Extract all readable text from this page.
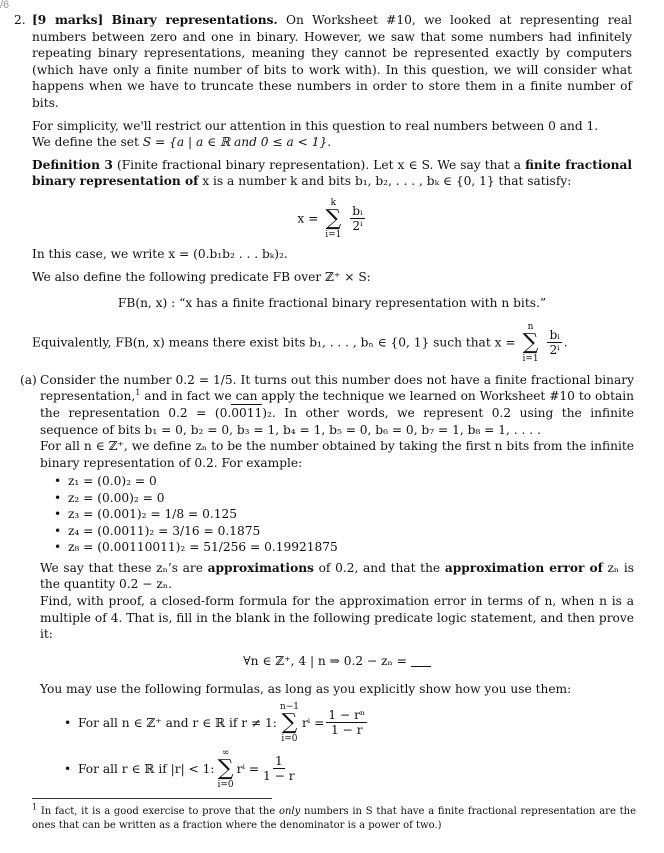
/6
2. [9 marks] Binary representations. On Worksheet #10, we looked at representing real numbers between zero and one in binary. However, we saw that some numbers had infinitely repeating binary representations, meaning they cannot be represented exactly by computers (which have only a finite number of bits to work with). In this question, we will consider what happens when we have to truncate these numbers in order to store them in a finite number of bits.

For simplicity, we'll restrict our attention in this question to real numbers between 0 and 1.

We define the set S = {a | a ∈ ℝ and 0 ≤ a < 1}.

Definition 3 (Finite fractional binary representation). Let x ∈ S. We say that a finite fractional binary representation of x is a number k and bits b₁, b₂, . . . , bₖ ∈ {0, 1} that satisfy:

x =
k
∑
i=1

$\frac{\text{bᵢ}}{\text{2ⁱ}}$

In this case, we write x = (0.b₁b₂ . . . bₖ)₂.

We also define the following predicate FB over ℤ⁺ × S:

FB(n, x) : “x has a finite fractional binary representation with n bits.”

Equivalently, FB(n, x) means there exist bits b₁, . . . , bₙ ∈ {0, 1} such that x =
n
∑
i=1

$\frac{\text{bᵢ}}{\text{2ⁱ}}$ .

(a) Consider the number 0.2 = 1/5. It turns out this number does not have a finite fractional binary representation,$^1$ and in fact we can apply the technique we learned on Worksheet #10 to obtain the representation 0.2 = (0.0011)₂. In other words, we represent 0.2 using the infinite sequence of bits b₁ = 0, b₂ = 0, b₃ = 1, b₄ = 1, b₅ = 0, b₆ = 0, b₇ = 1, b₈ = 1, . . . .

For all n ∈ ℤ⁺, we define zₙ to be the number obtained by taking the first n bits from the infinite binary representation of 0.2. For example:

• z₁ = (0.0)₂ = 0
• z₂ = (0.00)₂ = 0
• z₃ = (0.001)₂ = 1/8 = 0.125
• z₄ = (0.0011)₂ = 3/16 = 0.1875
• z₈ = (0.00110011)₂ = 51/256 = 0.19921875

We say that these zₙ’s are approximations of 0.2, and that the approximation error of zₙ is the quantity 0.2 − zₙ.

Find, with proof, a closed-form formula for the approximation error in terms of n, when n is a multiple of 4. That is, fill in the blank in the following predicate logic statement, and then prove it:

∀n ∈ ℤ⁺, 4 | n ⇒ 0.2 − zₙ =

You may use the following formulas, as long as you explicitly show how you use them:

• For all n ∈ ℤ⁺ and r ∈ ℝ if r ≠ 1:
n−1
∑
i=0
$r^i = \frac{\text{1 − rⁿ}}{1 - r}$
• For all r ∈ ℝ if |r| < 1:
∞
∑
i=0
$r^i = \frac{1}{1 - r}$

$^1$ In fact, it is a good exercise to prove that the only numbers in S that have a finite fractional representation are the ones that can be written as a fraction where the denominator is a power of two.)
